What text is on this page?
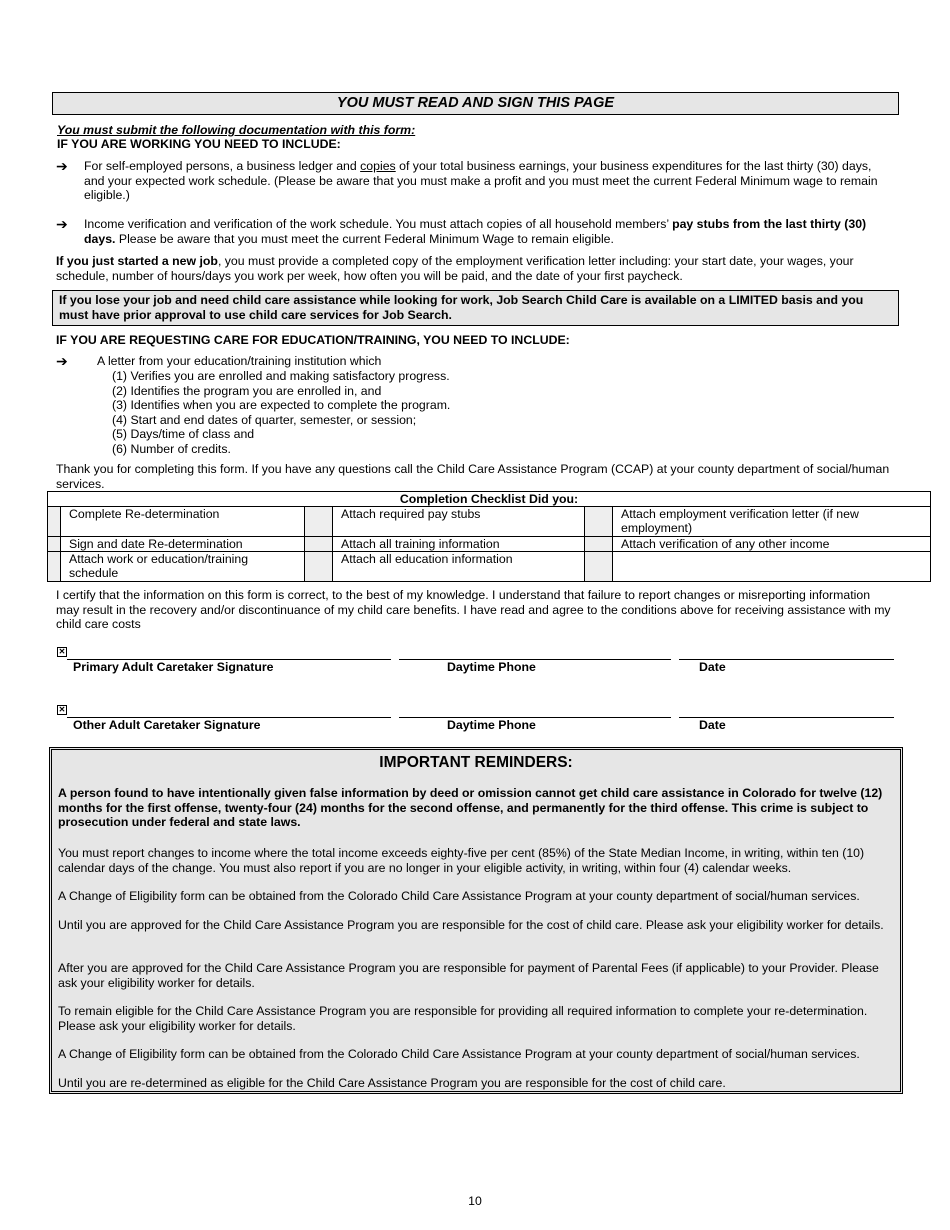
YOU MUST READ AND SIGN THIS PAGE
You must submit the following documentation with this form:
IF YOU ARE WORKING YOU NEED TO INCLUDE:
➔	For self-employed persons, a business ledger and copies of your total business earnings, your business expenditures for the last thirty (30) days, and your expected work schedule. (Please be aware that you must make a profit and you must meet the current Federal Minimum wage to remain eligible.)
➔	Income verification and verification of the work schedule. You must attach copies of all household members’ pay stubs from the last thirty (30) days. Please be aware that you must meet the current Federal Minimum Wage to remain eligible.
If you just started a new job, you must provide a completed copy of the employment verification letter including: your start date, your wages, your schedule, number of hours/days you work per week, how often you will be paid, and the date of your first paycheck.
If you lose your job and need child care assistance while looking for work, Job Search Child Care is available on a LIMITED basis and you must have prior approval to use child care services for Job Search.
IF YOU ARE REQUESTING CARE FOR EDUCATION/TRAINING, YOU NEED TO INCLUDE:
➔	A letter from your education/training institution which
(1) Verifies you are enrolled and making satisfactory progress.
(2) Identifies the program you are enrolled in, and
(3) Identifies when you are expected to complete the program.
(4) Start and end dates of quarter, semester, or session;
(5) Days/time of class and
(6) Number of credits.
Thank you for completing this form. If you have any questions call the Child Care Assistance Program (CCAP) at your county department of social/human services.
Completion Checklist Did you:					
	Complete Re-determination		Attach required pay stubs		Attach employment verification letter (if new employment)
	Sign and date Re-determination		Attach all training information		Attach verification of any other income
	Attach work or education/training schedule		Attach all education information		
I certify that the information on this form is correct, to the best of my knowledge. I understand that failure to report changes or misreporting information may result in the recovery and/or discontinuance of my child care benefits. I have read and agree to the conditions above for receiving assistance with my child care costs
✕
Primary Adult Caretaker Signature	Daytime Phone	Date
✕
Other Adult Caretaker Signature	Daytime Phone	Date
IMPORTANT REMINDERS:
A person found to have intentionally given false information by deed or omission cannot get child care assistance in Colorado for twelve (12) months for the first offense, twenty-four (24) months for the second offense, and permanently for the third offense. This crime is subject to prosecution under federal and state laws.
You must report changes to income where the total income exceeds eighty-five per cent (85%) of the State Median Income, in writing, within ten (10) calendar days of the change. You must also report if you are no longer in your eligible activity, in writing, within four (4) calendar weeks.
A Change of Eligibility form can be obtained from the Colorado Child Care Assistance Program at your county department of social/human services.
Until you are approved for the Child Care Assistance Program you are responsible for the cost of child care. Please ask your eligibility worker for details.
After you are approved for the Child Care Assistance Program you are responsible for payment of Parental Fees (if applicable) to your Provider. Please ask your eligibility worker for details.
To remain eligible for the Child Care Assistance Program you are responsible for providing all required information to complete your re-determination. Please ask your eligibility worker for details.
A Change of Eligibility form can be obtained from the Colorado Child Care Assistance Program at your county department of social/human services.
Until you are re-determined as eligible for the Child Care Assistance Program you are responsible for the cost of child care.
10
